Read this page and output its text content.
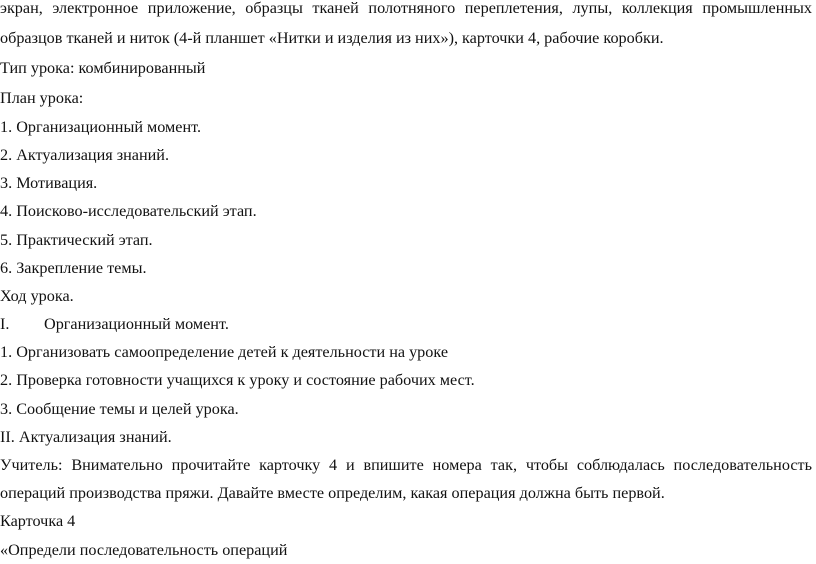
экран, электронное приложение, образцы тканей полотняного переплетения, лупы, коллекция промышленных
образцов тканей и ниток (4-й планшет «Нитки и изделия из них»), карточки 4, рабочие коробки.
Тип урока: комбинированный
План урока:
1. Организационный момент.
2. Актуализация знаний.
3. Мотивация.
4. Поисково-исследовательский этап.
5. Практический этап.
6. Закрепление темы.
Ход урока.
I.	Организационный момент.
1. Организовать самоопределение детей к деятельности на уроке
2. Проверка готовности учащихся к уроку и состояние рабочих мест.
3. Сообщение темы и целей урока.
II. Актуализация знаний.
Учитель: Внимательно прочитайте карточку 4 и впишите номера так, чтобы соблюдалась последовательность
операций производства пряжи. Давайте вместе определим, какая операция должна быть первой.
Карточка 4
«Определи последовательность операций
